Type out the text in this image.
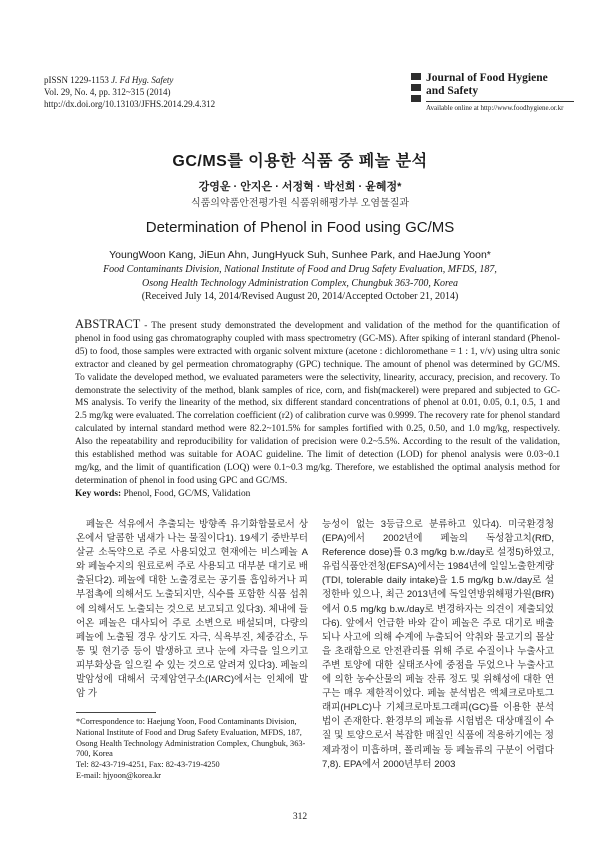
pISSN 1229-1153 J. Fd Hyg. Safety
Vol. 29, No. 4, pp. 312~315 (2014)
http://dx.doi.org/10.13103/JFHS.2014.29.4.312
Journal of Food Hygiene
and Safety
Available online at http://www.foodhygiene.or.kr
GC/MS를 이용한 식품 중 페놀 분석
강영운 · 안지은 · 서정혁 · 박선희 · 윤혜정*
식품의약품안전평가원 식품위해평가부 오염물질과
Determination of Phenol in Food using GC/MS
YoungWoon Kang, JiEun Ahn, JungHyuck Suh, Sunhee Park, and HaeJung Yoon*
Food Contaminants Division, National Institute of Food and Drug Safety Evaluation, MFDS, 187,
Osong Health Technology Administration Complex, Chungbuk 363-700, Korea
(Received July 14, 2014/Revised August 20, 2014/Accepted October 21, 2014)
ABSTRACT - The present study demonstrated the development and validation of the method for the quantification of phenol in food using gas chromatography coupled with mass spectrometry (GC-MS). After spiking of interanl standard (Phenol-d5) to food, those samples were extracted with organic solvent mixture (acetone : dichloromethane = 1 : 1, v/v) using ultra sonic extractor and cleaned by gel permeation chromatography (GPC) technique. The amount of phenol was determined by GC/MS. To validate the developed method, we evaluated parameters were the selectivity, linearity, accuracy, precision, and recovery. To demonstrate the selectivity of the method, blank samples of rice, corn, and fish(mackerel) were prepared and subjected to GC-MS analysis. To verify the linearity of the method, six different standard concentrations of phenol at 0.01, 0.05, 0.1, 0.5, 1 and 2.5 mg/kg were evaluated. The correlation coefficient (r2) of calibration curve was 0.9999. The recovery rate for phenol standard calculated by internal standard method were 82.2~101.5% for samples fortified with 0.25, 0.50, and 1.0 mg/kg, respectively. Also the repeatability and reproducibility for validation of precision were 0.2~5.5%. According to the result of the validation, this established method was suitable for AOAC guideline. The limit of detection (LOD) for phenol analysis were 0.03~0.1 mg/kg, and the limit of quantification (LOQ) were 0.1~0.3 mg/kg. Therefore, we established the optimal analysis method for determination of phenol in food using GPC and GC/MS.
Key words: Phenol, Food, GC/MS, Validation

페놀은 석유에서 추출되는 방향족 유기화합물로서 상온에서 달콤한 냄새가 나는 물질이다1). 19세기 중반부터 살균 소독약으로 주로 사용되었고 현재에는 비스페놀 A와 페놀수지의 원료로써 주로 사용되고 대부분 대기로 배출된다2). 페놀에 대한 노출경로는 공기를 흡입하거나 피부접촉에 의해서도 노출되지만, 식수를 포함한 식품 섭취에 의해서도 노출되는 것으로 보고되고 있다3). 체내에 들어온 페놀은 대사되어 주로 소변으로 배설되며, 다량의 페놀에 노출될 경우 상기도 자극, 식욕부진, 체중감소, 두통 및 현기증 등이 발생하고 코나 눈에 자극을 일으키고 피부화상을 일으킬 수 있는 것으로 알려져 있다3). 페놀의 발암성에 대해서 국제암연구소(IARC)에서는 인체에 발암 가

능성이 없는 3등급으로 분류하고 있다4). 미국환경청(EPA)에서 2002년에 페놀의 독성참고치(RfD, Reference dose)를 0.3 mg/kg b.w./day로 설정5)하였고, 유럽식품안전청(EFSA)에서는 1984년에 일일노출한계량(TDI, tolerable daily intake)을 1.5 mg/kg b.w./day로 설정한바 있으나, 최근 2013년에 독일연방위해평가원(BfR)에서 0.5 mg/kg b.w./day로 변경하자는 의견이 제출되었다6). 앞에서 언급한 바와 같이 페놀은 주로 대기로 배출되나 사고에 의해 수계에 누출되어 악취와 물고기의 몰살을 초래함으로 안전관리를 위해 주로 수질이나 누출사고 주변 토양에 대한 실태조사에 중점을 두었으나 누출사고에 의한 농수산물의 페놀 잔류 정도 및 위해성에 대한 연구는 매우 제한적이었다. 페놀 분석법은 액체크로마토그래피(HPLC)나 기체크로마토그래피(GC)를 이용한 분석법이 존재한다. 환경부의 페놀류 시험법은 대상매질이 수질 및 토양으로서 복잡한 매질인 식품에 적용하기에는 정제과정이 미흡하며, 폴리페놀 등 페놀류의 구분이 어렵다7,8). EPA에서 2000년부터 2003

*Correspondence to: Haejung Yoon, Food Contaminants Division, National Institute of Food and Drug Safety Evaluation, MFDS, 187, Osong Health Technology Administration Complex, Chungbuk, 363-700, Korea
Tel: 82-43-719-4251, Fax: 82-43-719-4250
E-mail: hjyoon@korea.kr
312
